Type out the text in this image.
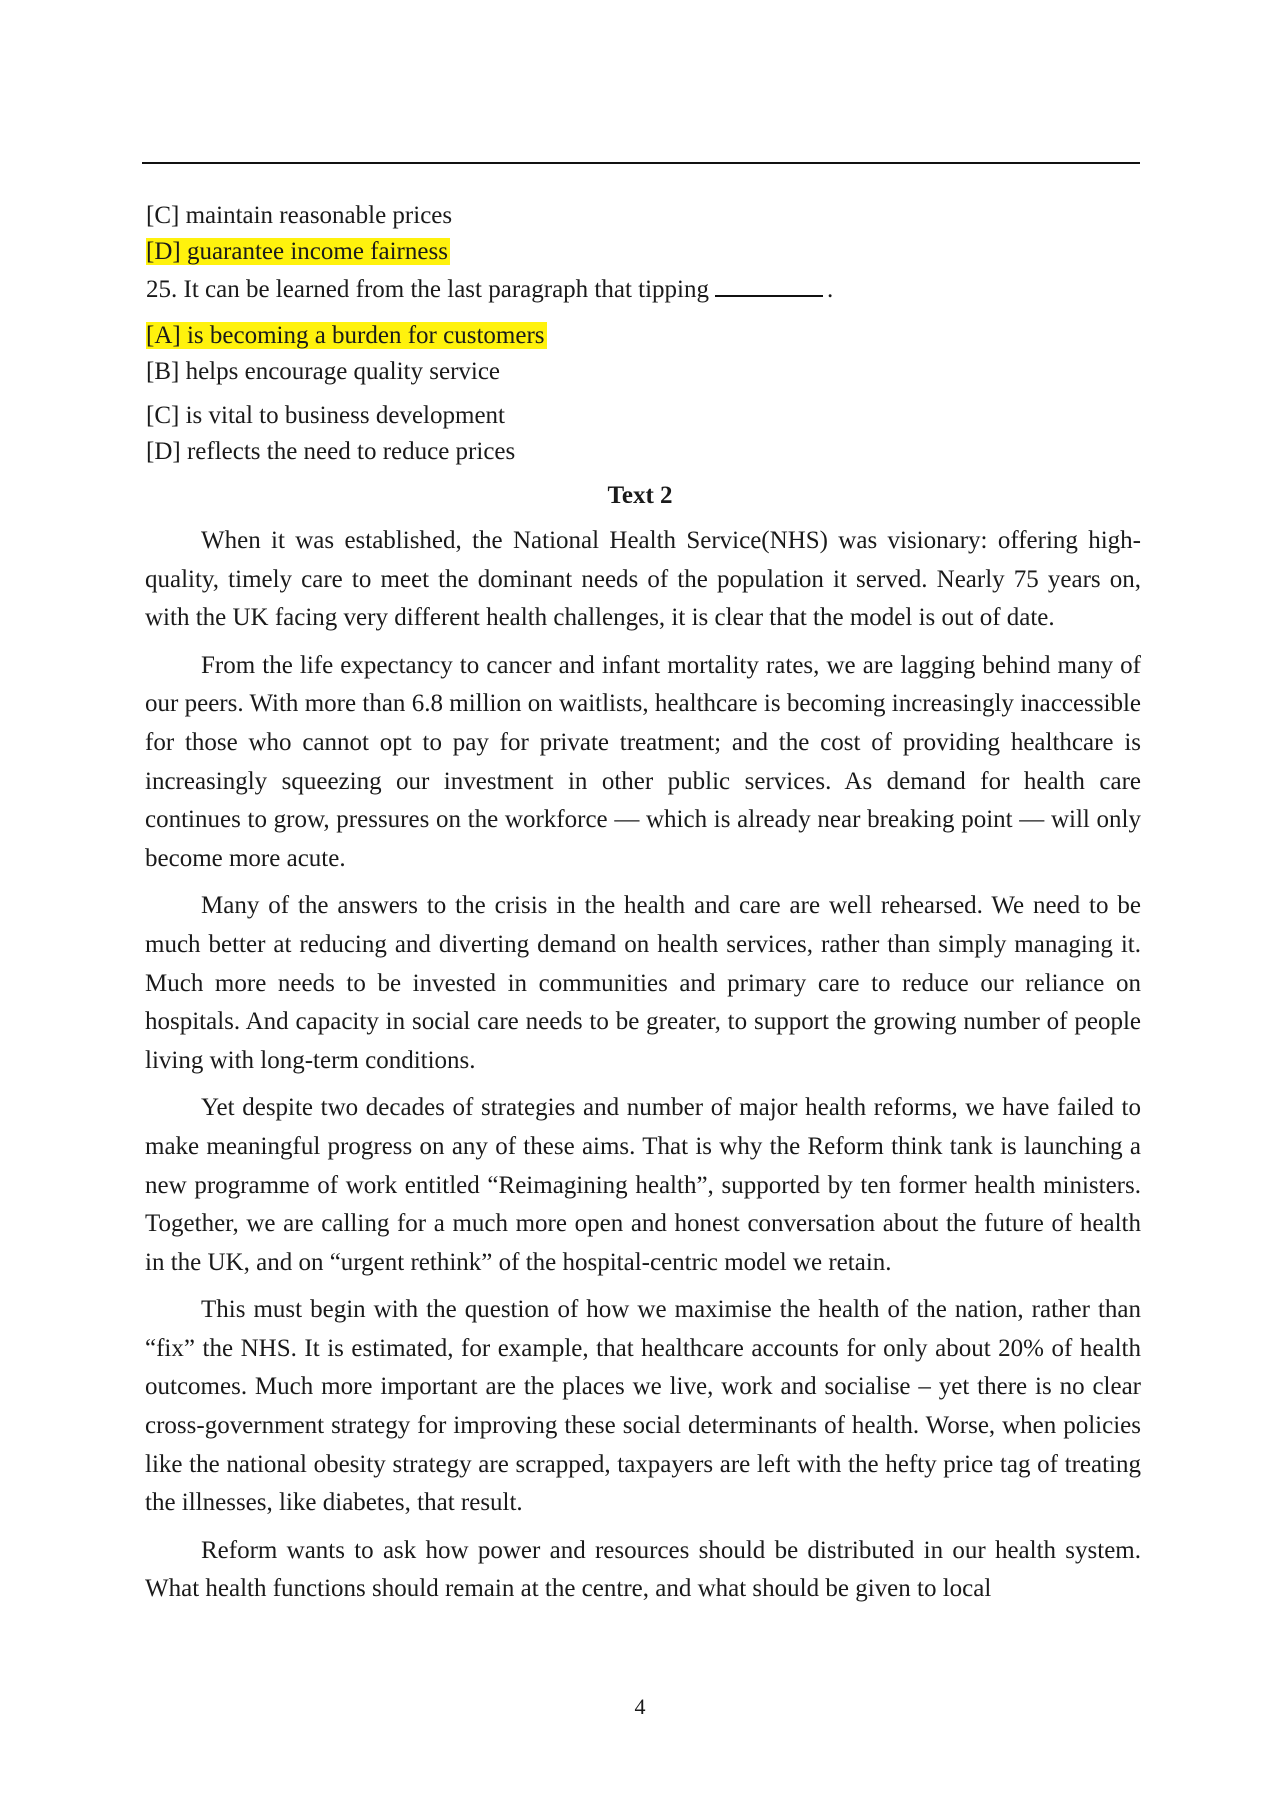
[C] maintain reasonable prices
[D] guarantee income fairness
25. It can be learned from the last paragraph that tipping	.
[A] is becoming a burden for customers
[B] helps encourage quality service
[C] is vital to business development
[D] reflects the need to reduce prices
Text 2

When it was established, the National Health Service(NHS) was visionary: offering high-quality, timely care to meet the dominant needs of the population it served. Nearly 75 years on, with the UK facing very different health challenges, it is clear that the model is out of date.

From the life expectancy to cancer and infant mortality rates, we are lagging behind many of our peers. With more than 6.8 million on waitlists, healthcare is becoming increasingly inaccessible for those who cannot opt to pay for private treatment; and the cost of providing healthcare is increasingly squeezing our investment in other public services. As demand for health care continues to grow, pressures on the workforce — which is already near breaking point — will only become more acute.

Many of the answers to the crisis in the health and care are well rehearsed. We need to be much better at reducing and diverting demand on health services, rather than simply managing it. Much more needs to be invested in communities and primary care to reduce our reliance on hospitals. And capacity in social care needs to be greater, to support the growing number of people living with long-term conditions.

Yet despite two decades of strategies and number of major health reforms, we have failed to make meaningful progress on any of these aims. That is why the Reform think tank is launching a new programme of work entitled “Reimagining health”, supported by ten former health ministers. Together, we are calling for a much more open and honest conversation about the future of health in the UK, and on “urgent rethink” of the hospital-centric model we retain.

This must begin with the question of how we maximise the health of the nation, rather than “fix” the NHS. It is estimated, for example, that healthcare accounts for only about 20% of health outcomes. Much more important are the places we live, work and socialise – yet there is no clear cross-government strategy for improving these social determinants of health. Worse, when policies like the national obesity strategy are scrapped, taxpayers are left with the hefty price tag of treating the illnesses, like diabetes, that result.

Reform wants to ask how power and resources should be distributed in our health system. What health functions should remain at the centre, and what should be given to local

4
